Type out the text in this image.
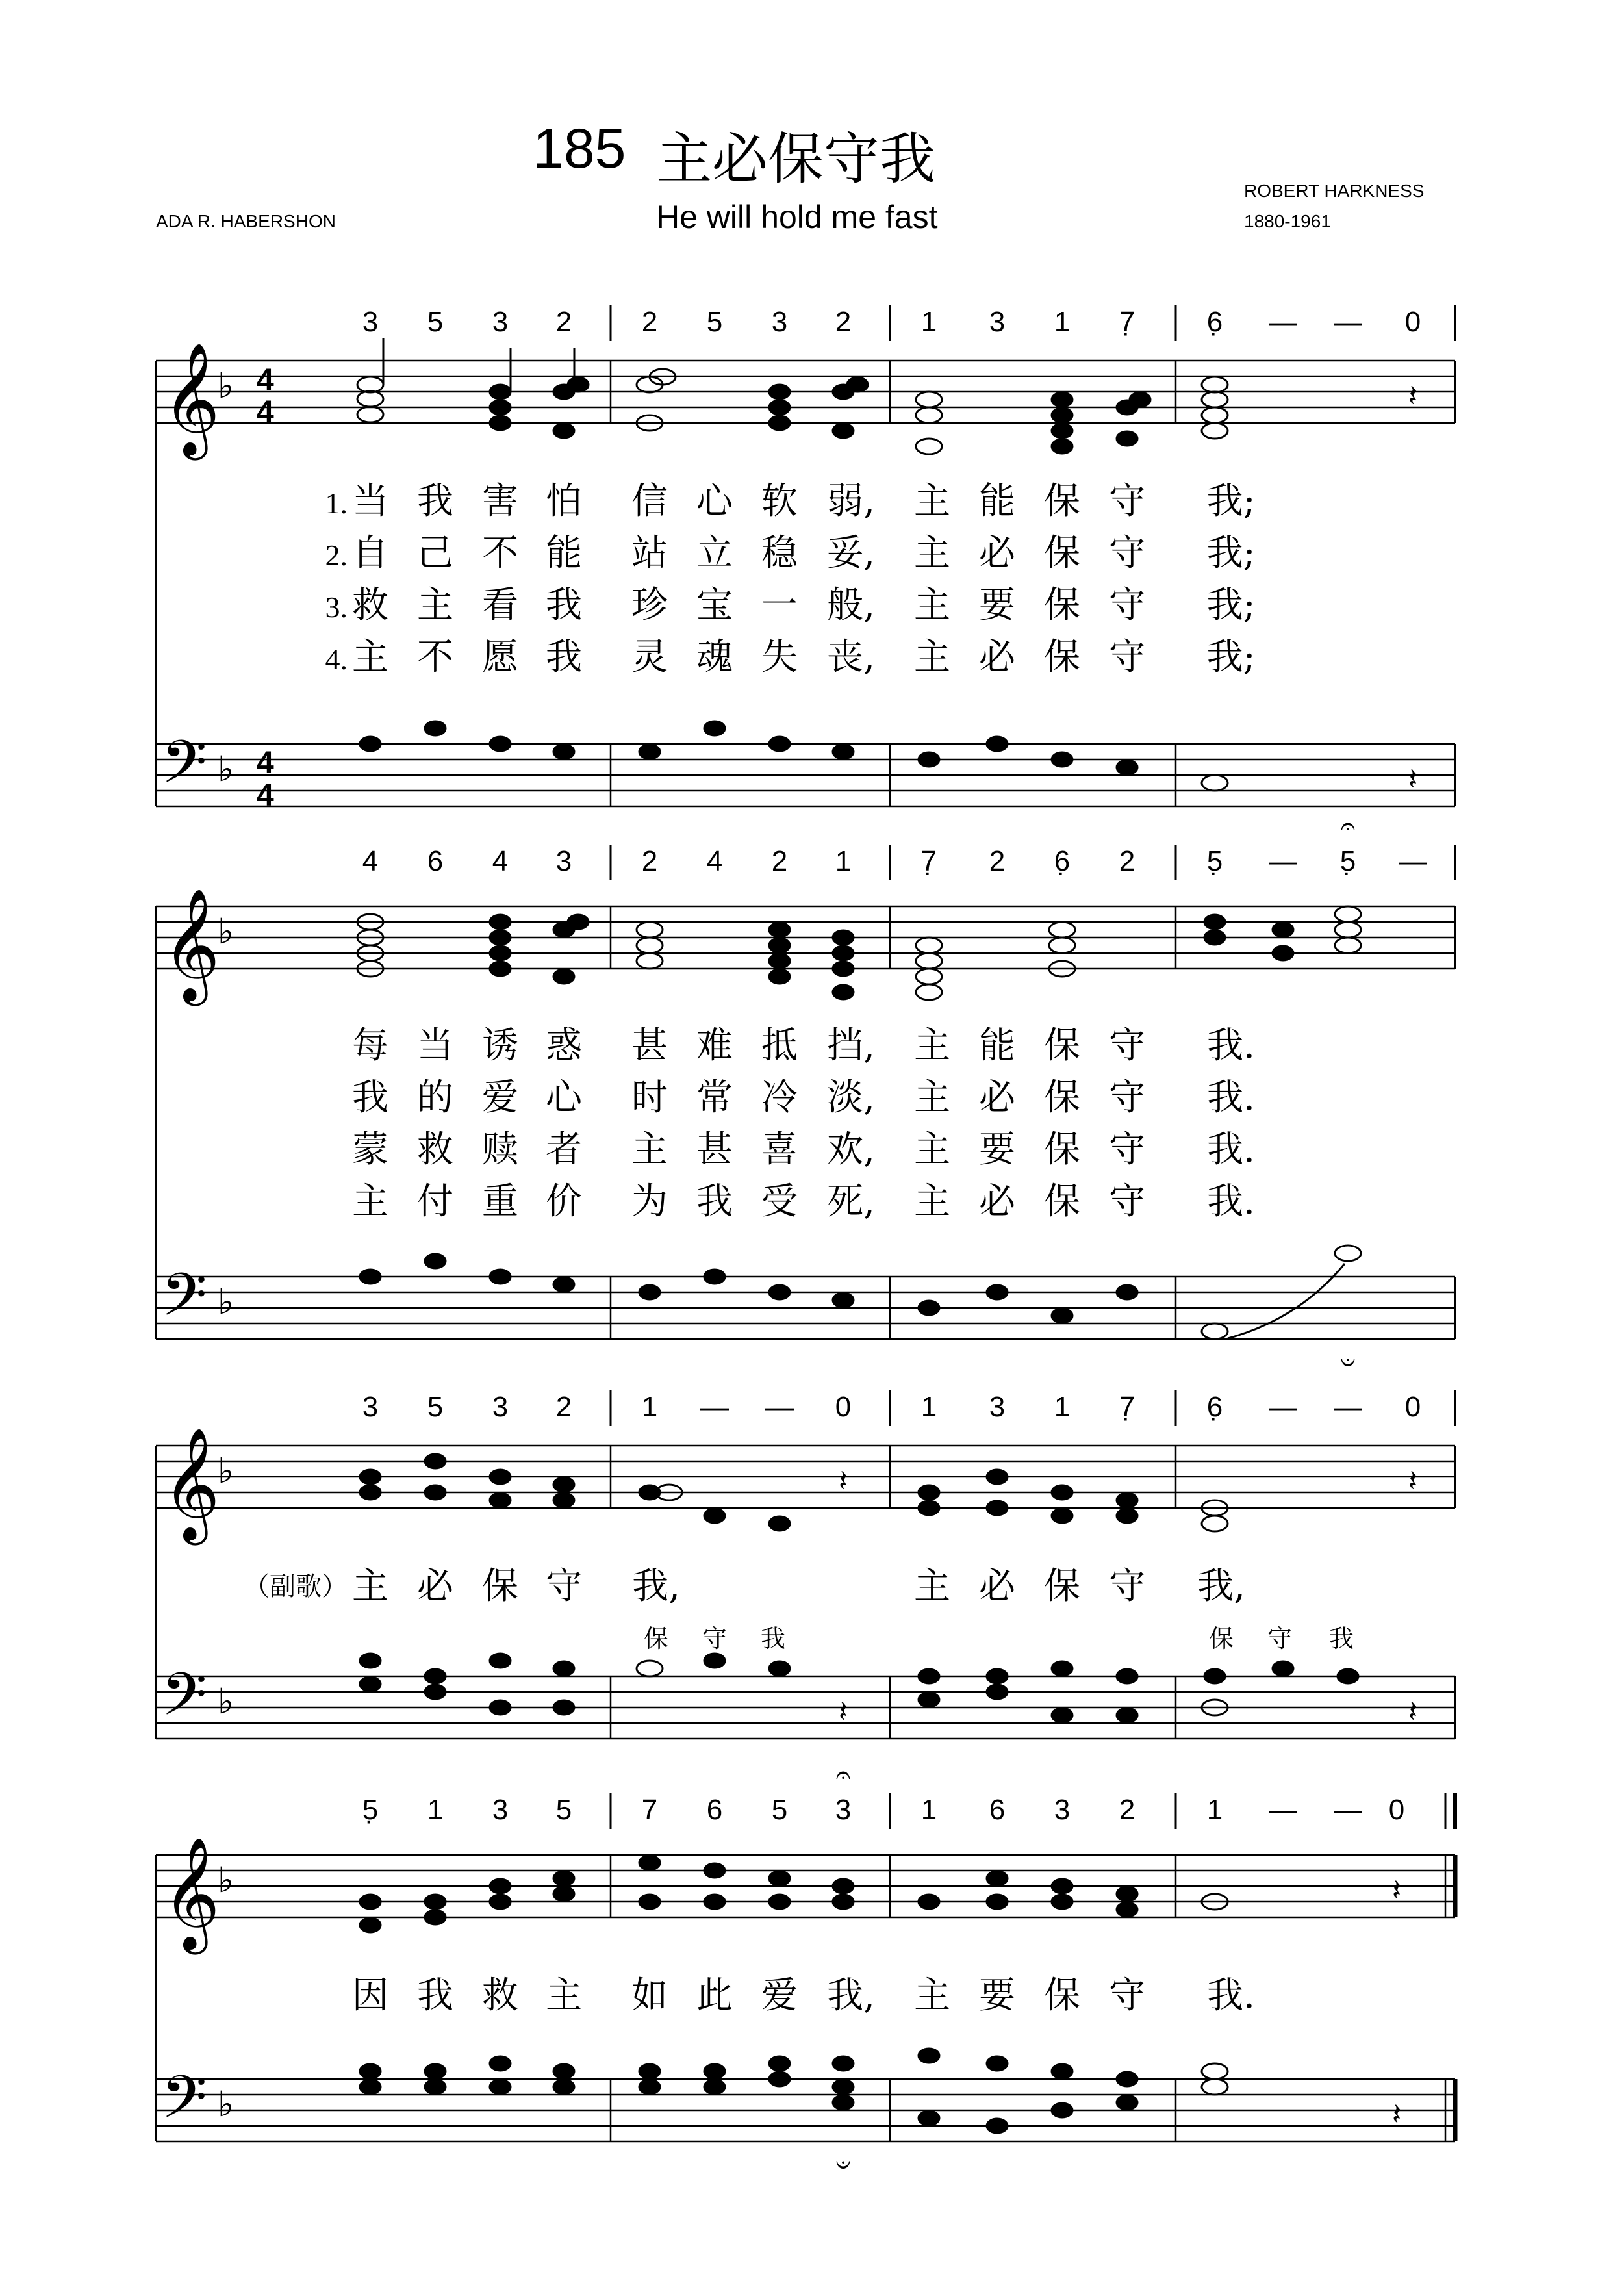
185 主必保守我
He will hold me fast
ADA R. HABERSHON
ROBERT HARKNESS
1880-1961
3 5 3 2 2 5 3 2 1 3 1 7̣	6̣ — — 0
𝄞
♭ 4
4
1. 当 我 害 怕 信 心 软 弱, 主 能 保 守 我;
2. 自 己 不 能 站 立 稳 妥, 主 必 保 守 我;
3. 救 主 看 我 珍 宝 一 般, 主 要 保 守 我;
4. 主 不 愿 我 灵 魂 失 丧, 主 必 保 守 我;
𝄢 ♭ 4
4
4 6 4 3 2 4 2 1 7̣ 2 6̣ 2	5̣ — 5̣ —
𝄐
𝄞
♭
每 当 诱 惑 甚 难 抵 挡, 主 能 保 守 我.
我 的 爱 心 时 常 冷 淡, 主 必 保 守 我.
蒙 救 赎 者 主 甚 喜 欢, 主 要 保 守 我.
主 付 重 价 为 我 受 死, 主 必 保 守 我.
𝄢 ♭
𝄑
3 5 3 2 1 — — 0 1 3 1 7̣	6̣ — — 0
𝄞
♭
（副歌） 主 必 保 守 我,	主 必 保 守 我,
保 守 我	保 守 我
𝄢 ♭
5̣ 1 3 5 7 6 5 3 1 6 3 2	1 — — 0
𝄐
𝄞
♭
因 我 救 主 如 此 爱 我, 主 要 保 守 我.
𝄢 ♭
𝄑
𝄽
𝄽
𝄽	𝄽
𝄽	𝄽
𝄽
𝄽
